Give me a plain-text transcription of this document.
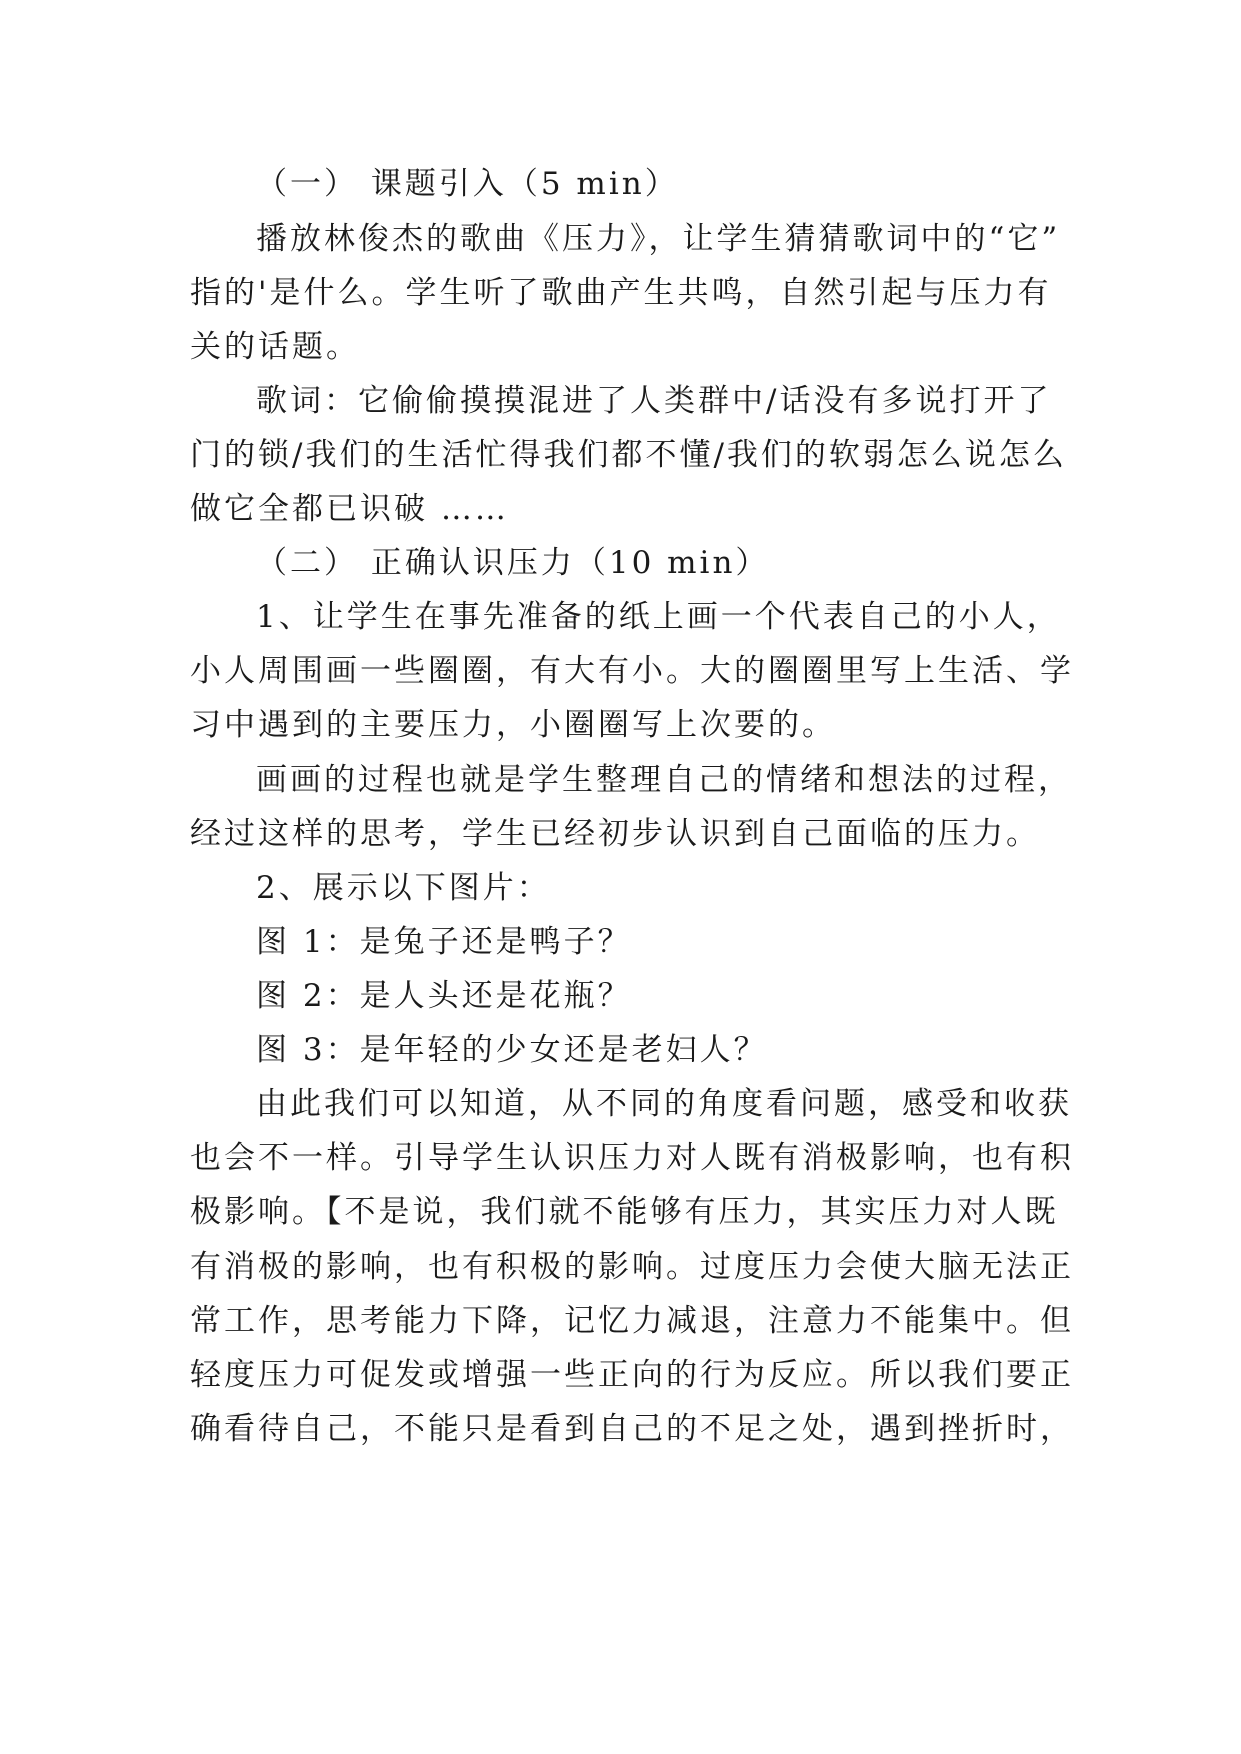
（一） 课题引入（5 min）
播放林俊杰的歌曲《压力》，让学生猜猜歌词中的“它”
指的'是什么。学生听了歌曲产生共鸣，自然引起与压力有
关的话题。
歌词：它偷偷摸摸混进了人类群中/话没有多说打开了
门的锁/我们的生活忙得我们都不懂/我们的软弱怎么说怎么
做它全都已识破 ……
（二） 正确认识压力（10 min）
1、让学生在事先准备的纸上画一个代表自己的小人，
小人周围画一些圈圈，有大有小。大的圈圈里写上生活、学
习中遇到的主要压力，小圈圈写上次要的。
画画的过程也就是学生整理自己的情绪和想法的过程，
经过这样的思考，学生已经初步认识到自己面临的压力。
2、展示以下图片：
图 1：是兔子还是鸭子？
图 2：是人头还是花瓶？
图 3：是年轻的少女还是老妇人？
由此我们可以知道，从不同的角度看问题，感受和收获
也会不一样。引导学生认识压力对人既有消极影响，也有积
极影响。【不是说，我们就不能够有压力，其实压力对人既
有消极的影响，也有积极的影响。过度压力会使大脑无法正
常工作，思考能力下降，记忆力减退，注意力不能集中。但
轻度压力可促发或增强一些正向的行为反应。所以我们要正
确看待自己，不能只是看到自己的不足之处，遇到挫折时，
